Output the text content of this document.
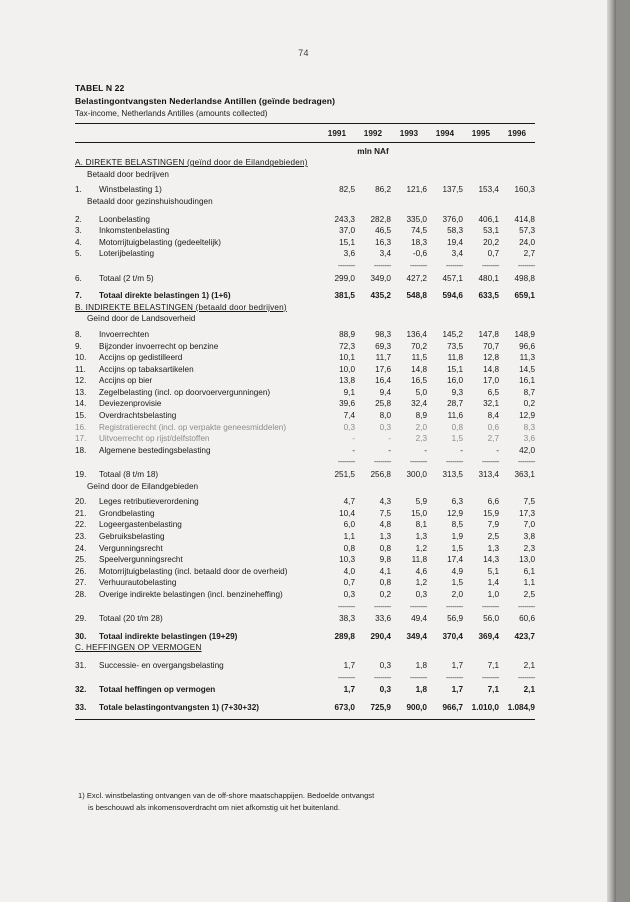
74
TABEL N 22
Belastingontvangsten Nederlandse Antillen (geïnde bedragen)
Tax-income, Netherlands Antilles (amounts collected)

		1991	1992	1993	1994	1995	1996

		mln NAf					
A. DIREKTE BELASTINGEN (geïnd door de Eilandgebieden)							
Betaald door bedrijven							

1.	Winstbelasting 1)	82,5	86,2	121,6	137,5	153,4	160,3
Betaald door gezinshuishoudingen							

2.	Loonbelasting	243,3	282,8	335,0	376,0	406,1	414,8
3.	Inkomstenbelasting	37,0	46,5	74,5	58,3	53,1	57,3
4.	Motorrijtuigbelasting (gedeeltelijk)	15,1	16,3	18,3	19,4	20,2	24,0
5.	Loterijbelasting	3,6	3,4	-0,6	3,4	0,7	2,7
		--------	--------	--------	--------	--------	--------
6.	Totaal (2 t/m 5)	299,0	349,0	427,2	457,1	480,1	498,8

7.	Totaal direkte belastingen 1) (1+6)	381,5	435,2	548,8	594,6	633,5	659,1
B. INDIREKTE BELASTINGEN (betaald door bedrijven)							
Geïnd door de Landsoverheid							

8.	Invoerrechten	88,9	98,3	136,4	145,2	147,8	148,9
9.	Bijzonder invoerrecht op benzine	72,3	69,3	70,2	73,5	70,7	96,6
10.	Accijns op gedistilleerd	10,1	11,7	11,5	11,8	12,8	11,3
11.	Accijns op tabaksartikelen	10,0	17,6	14,8	15,1	14,8	14,5
12.	Accijns op bier	13,8	16,4	16,5	16,0	17,0	16,1
13.	Zegelbelasting (incl. op doorvoervergunningen)	9,1	9,4	5,0	9,3	6,5	8,7
14.	Deviezenprovisie	39,6	25,8	32,4	28,7	32,1	0,2
15.	Overdrachtsbelasting	7,4	8,0	8,9	11,6	8,4	12,9
16.	Registratierecht (incl. op verpakte geneesmiddelen)	0,3	0,3	2,0	0,8	0,6	8,3
17.	Uitvoerrecht op rijst/delfstoffen	-	-	2,3	1,5	2,7	3,6
18.	Algemene bestedingsbelasting	-	-	-	-	-	42,0
		--------	--------	--------	--------	--------	--------
19.	Totaal (8 t/m 18)	251,5	256,8	300,0	313,5	313,4	363,1
Geïnd door de Eilandgebieden							

20.	Leges retributieverordening	4,7	4,3	5,9	6,3	6,6	7,5
21.	Grondbelasting	10,4	7,5	15,0	12,9	15,9	17,3
22.	Logeergastenbelasting	6,0	4,8	8,1	8,5	7,9	7,0
23.	Gebruiksbelasting	1,1	1,3	1,3	1,9	2,5	3,8
24.	Vergunningsrecht	0,8	0,8	1,2	1,5	1,3	2,3
25.	Speelvergunningsrecht	10,3	9,8	11,8	17,4	14,3	13,0
26.	Motorrijtuigbelasting (incl. betaald door de overheid)	4,0	4,1	4,6	4,9	5,1	6,1
27.	Verhuurautobelasting	0,7	0,8	1,2	1,5	1,4	1,1
28.	Overige indirekte belastingen (incl. benzineheffing)	0,3	0,2	0,3	2,0	1,0	2,5
		--------	--------	--------	--------	--------	--------
29.	Totaal (20 t/m 28)	38,3	33,6	49,4	56,9	56,0	60,6

30.	Totaal indirekte belastingen (19+29)	289,8	290,4	349,4	370,4	369,4	423,7
C. HEFFINGEN OP VERMOGEN							

31.	Successie- en overgangsbelasting	1,7	0,3	1,8	1,7	7,1	2,1
		--------	--------	--------	--------	--------	--------
32.	Totaal heffingen op vermogen	1,7	0,3	1,8	1,7	7,1	2,1

33.	Totale belastingontvangsten 1) (7+30+32)	673,0	725,9	900,0	966,7	1.010,0	1.084,9

1) Excl. winstbelasting ontvangen van de off-shore maatschappijen. Bedoelde ontvangst
is beschouwd als inkomensoverdracht om niet afkomstig uit het buitenland.
